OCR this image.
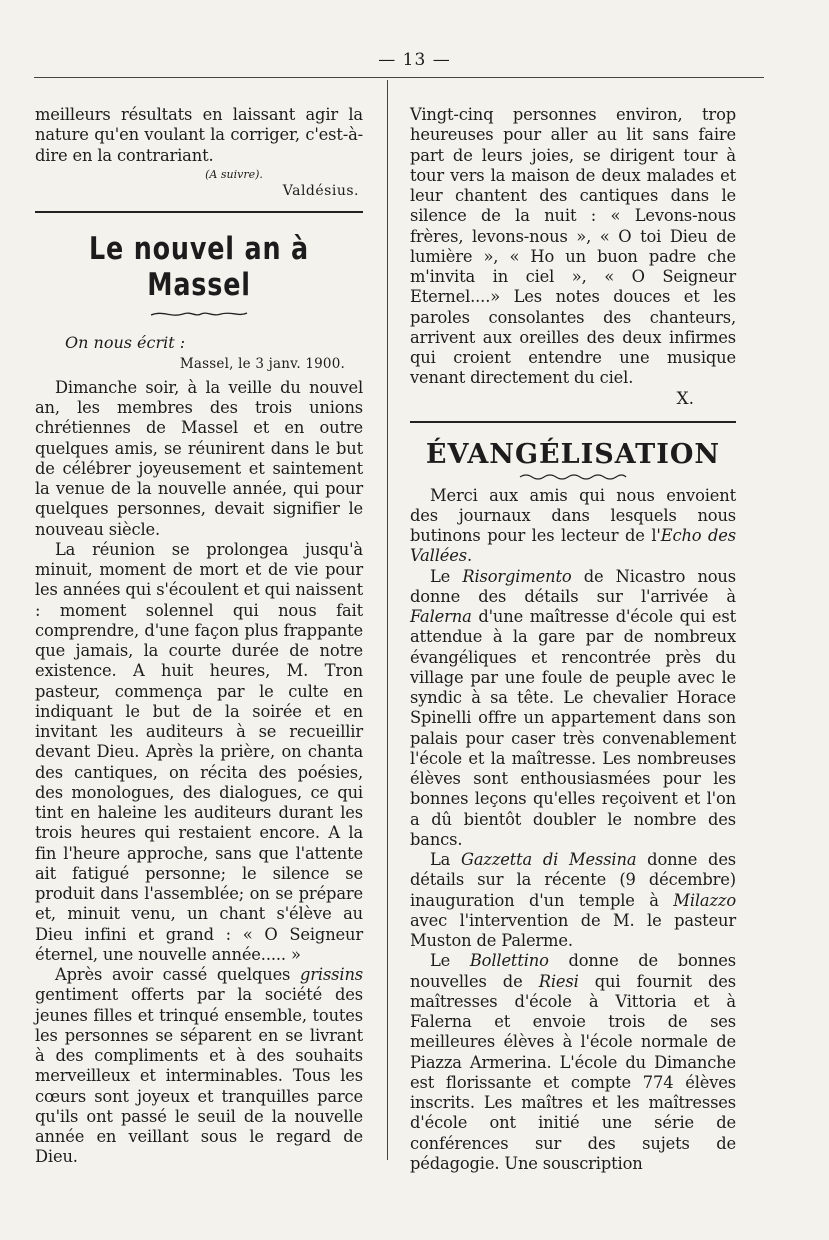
— 13 —

meilleurs résultats en laissant agir la nature qu'en voulant la corriger, c'est-à-dire en la contrariant.

(A suivre).
Valdésius.
Le nouvel an à Massel
On nous écrit :
Massel, le 3 janv. 1900.

Dimanche soir, à la veille du nouvel an, les membres des trois unions chrétiennes de Massel et en outre quelques amis, se réunirent dans le but de célébrer joyeusement et saintement la venue de la nouvelle année, qui pour quelques personnes, devait signifier le nouveau siècle.

La réunion se prolongea jusqu'à minuit, moment de mort et de vie pour les années qui s'écoulent et qui naissent : moment solennel qui nous fait comprendre, d'une façon plus frappante que jamais, la courte durée de notre existence. A huit heures, M. Tron pasteur, commença par le culte en indiquant le but de la soirée et en invitant les auditeurs à se recueillir devant Dieu. Après la prière, on chanta des cantiques, on récita des poésies, des monologues, des dialogues, ce qui tint en haleine les auditeurs durant les trois heures qui restaient encore. A la fin l'heure approche, sans que l'attente ait fatigué personne; le silence se produit dans l'assemblée; on se prépare et, minuit venu, un chant s'élève au Dieu infini et grand : « O Seigneur éternel, une nouvelle année..... »

Après avoir cassé quelques grissins gentiment offerts par la société des jeunes filles et trinqué ensemble, toutes les personnes se séparent en se livrant à des compliments et à des souhaits merveilleux et interminables. Tous les cœurs sont joyeux et tranquilles parce qu'ils ont passé le seuil de la nouvelle année en veillant sous le regard de Dieu.

Vingt-cinq personnes environ, trop heureuses pour aller au lit sans faire part de leurs joies, se dirigent tour à tour vers la maison de deux malades et leur chantent des cantiques dans le silence de la nuit : « Levons-nous frères, levons-nous », « O toi Dieu de lumière », « Ho un buon padre che m'invita in ciel », « O Seigneur Eternel....» Les notes douces et les paroles consolantes des chanteurs, arrivent aux oreilles des deux infirmes qui croient entendre une musique venant directement du ciel.

X.
ÉVANGÉLISATION

Merci aux amis qui nous envoient des journaux dans lesquels nous butinons pour les lecteur de l'Echo des Vallées.

Le Risorgimento de Nicastro nous donne des détails sur l'arrivée à Falerna d'une maîtresse d'école qui est attendue à la gare par de nombreux évangéliques et rencontrée près du village par une foule de peuple avec le syndic à sa tête. Le chevalier Horace Spinelli offre un appartement dans son palais pour caser très convenablement l'école et la maîtresse. Les nombreuses élèves sont enthousiasmées pour les bonnes leçons qu'elles reçoivent et l'on a dû bientôt doubler le nombre des bancs.

La Gazzetta di Messina donne des détails sur la récente (9 décembre) inauguration d'un temple à Milazzo avec l'intervention de M. le pasteur Muston de Palerme.

Le Bollettino donne de bonnes nouvelles de Riesi qui fournit des maîtresses d'école à Vittoria et à Falerna et envoie trois de ses meilleures élèves à l'école normale de Piazza Armerina. L'école du Dimanche est florissante et compte 774 élèves inscrits. Les maîtres et les maîtresses d'école ont initié une série de conférences sur des sujets de pédagogie. Une souscription
